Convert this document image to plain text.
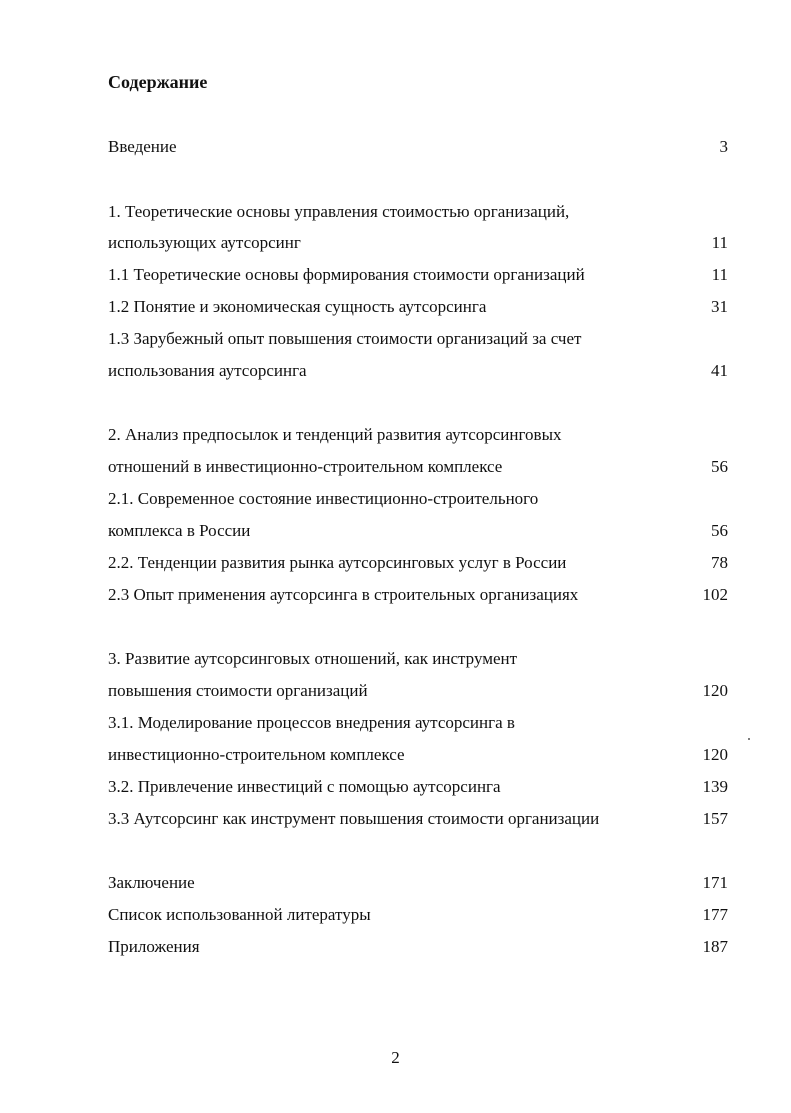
Содержание
Введение	3
1. Теоретические основы управления стоимостью организаций,
использующих аутсорсинг	11
1.1 Теоретические основы формирования стоимости организаций	11
1.2 Понятие и экономическая сущность аутсорсинга	31
1.3 Зарубежный опыт повышения стоимости организаций за счет
использования аутсорсинга	41
2. Анализ предпосылок и тенденций развития аутсорсинговых
отношений в инвестиционно-строительном комплексе	56
2.1. Современное состояние инвестиционно-строительного
комплекса в России	56
2.2. Тенденции развития рынка аутсорсинговых услуг в России	78
2.3 Опыт применения аутсорсинга в строительных организациях	102
3. Развитие аутсорсинговых отношений, как инструмент
повышения стоимости организаций	120
3.1. Моделирование процессов внедрения аутсорсинга в
инвестиционно-строительном комплексе	120
3.2. Привлечение инвестиций с помощью аутсорсинга	139
3.3 Аутсорсинг как инструмент повышения стоимости организации	157
Заключение	171
Список использованной литературы	177
Приложения	187
2
